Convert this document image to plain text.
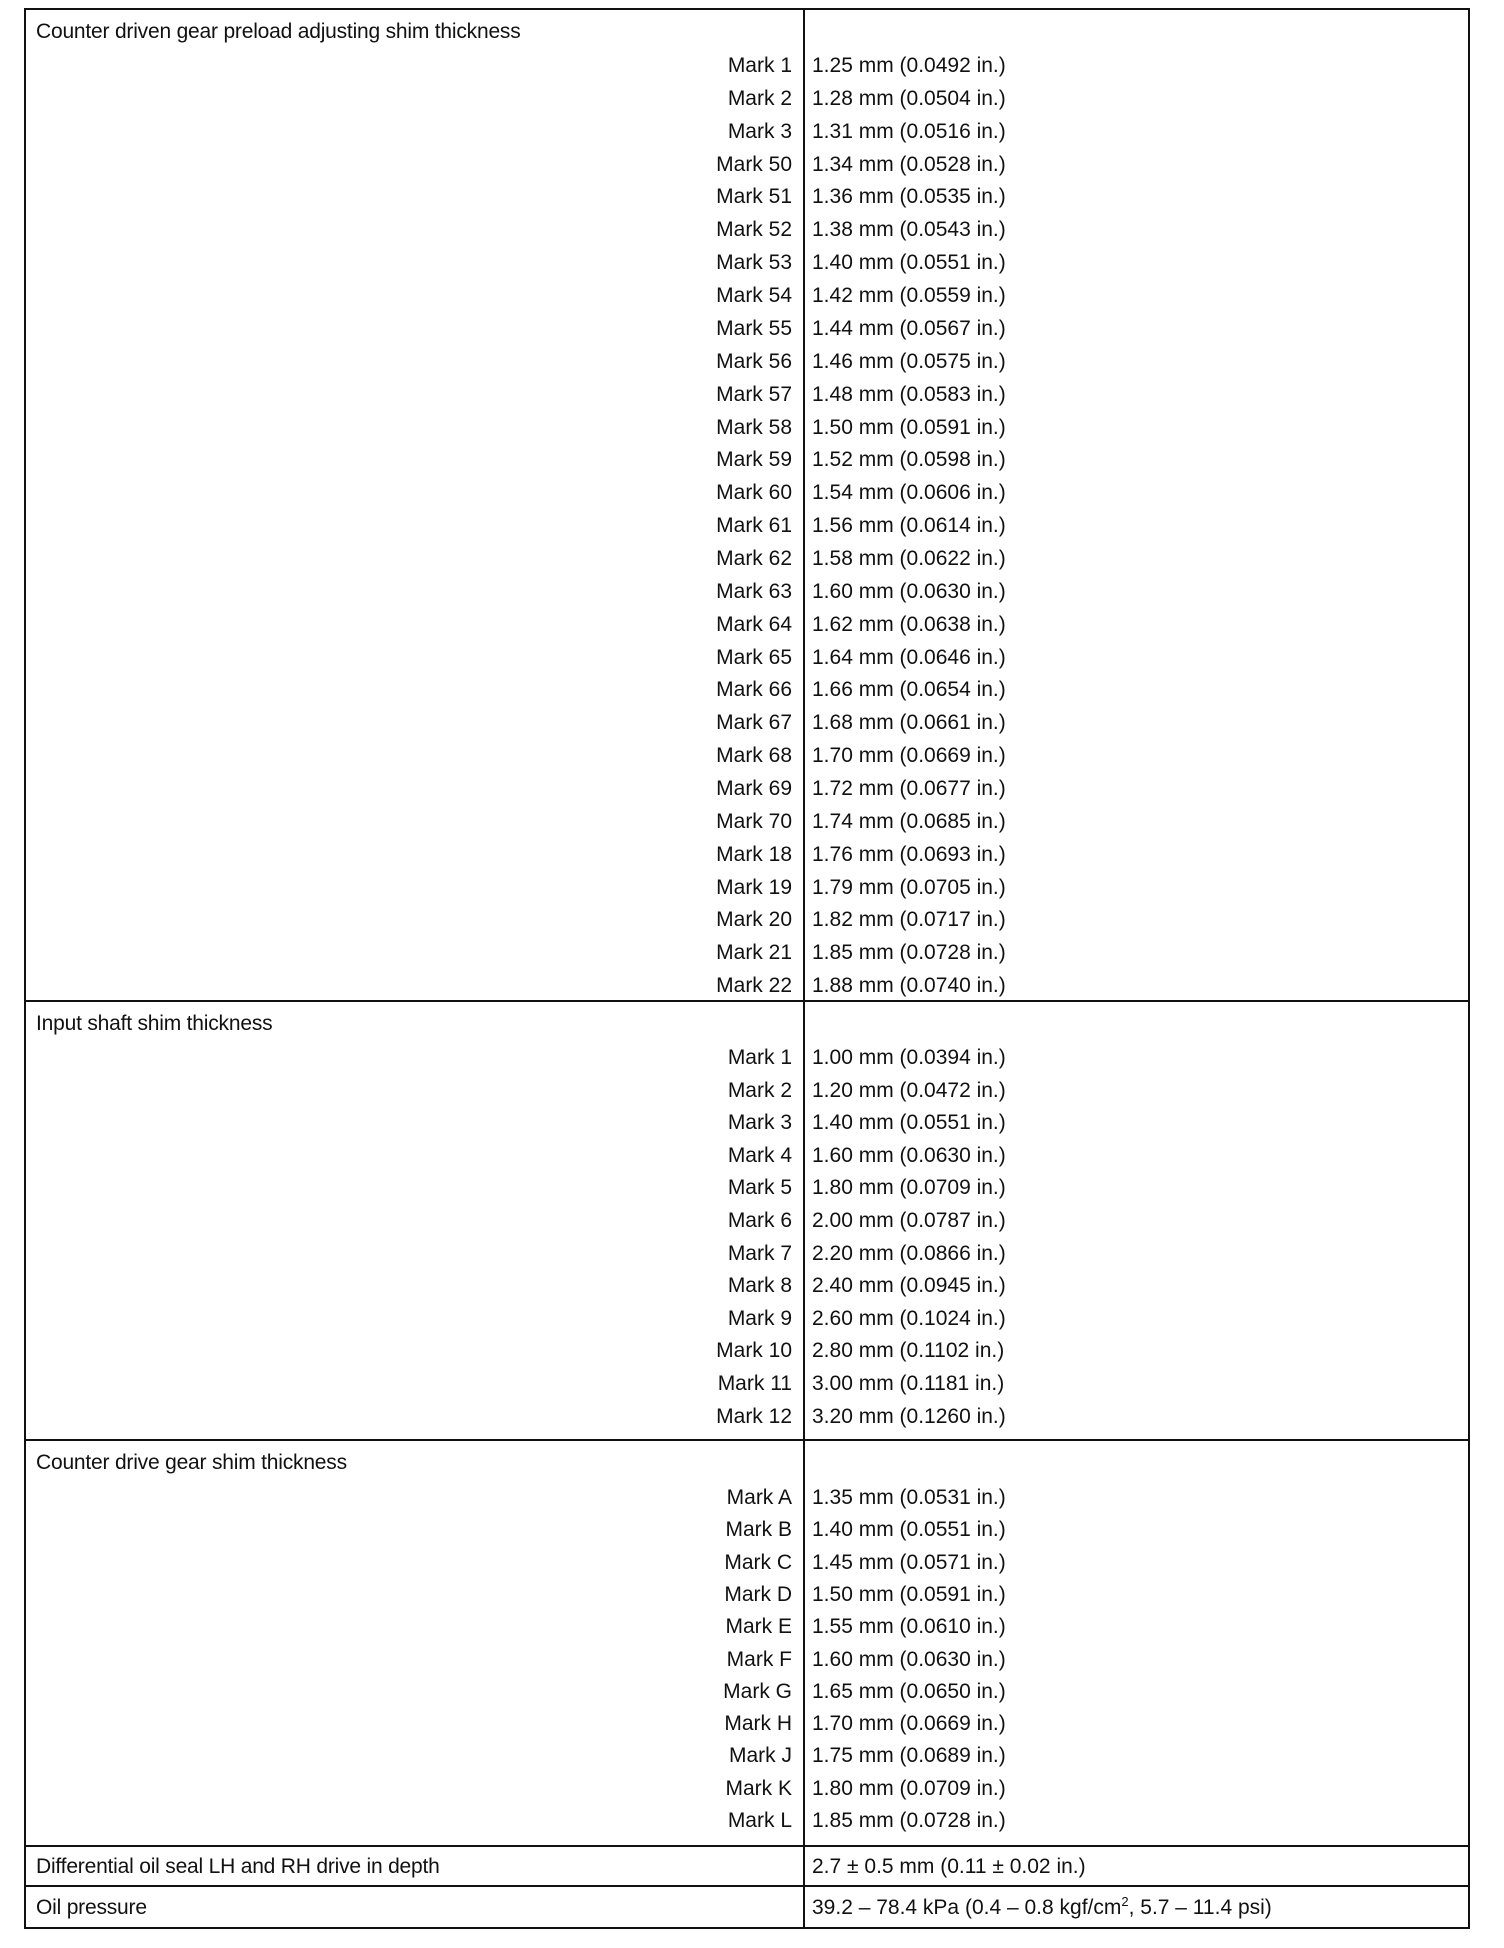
Counter driven gear preload adjusting shim thickness
Mark 1
Mark 2
Mark 3
Mark 50
Mark 51
Mark 52
Mark 53
Mark 54
Mark 55
Mark 56
Mark 57
Mark 58
Mark 59
Mark 60
Mark 61
Mark 62
Mark 63
Mark 64
Mark 65
Mark 66
Mark 67
Mark 68
Mark 69
Mark 70
Mark 18
Mark 19
Mark 20
Mark 21
Mark 22
1.25 mm (0.0492 in.)
1.28 mm (0.0504 in.)
1.31 mm (0.0516 in.)
1.34 mm (0.0528 in.)
1.36 mm (0.0535 in.)
1.38 mm (0.0543 in.)
1.40 mm (0.0551 in.)
1.42 mm (0.0559 in.)
1.44 mm (0.0567 in.)
1.46 mm (0.0575 in.)
1.48 mm (0.0583 in.)
1.50 mm (0.0591 in.)
1.52 mm (0.0598 in.)
1.54 mm (0.0606 in.)
1.56 mm (0.0614 in.)
1.58 mm (0.0622 in.)
1.60 mm (0.0630 in.)
1.62 mm (0.0638 in.)
1.64 mm (0.0646 in.)
1.66 mm (0.0654 in.)
1.68 mm (0.0661 in.)
1.70 mm (0.0669 in.)
1.72 mm (0.0677 in.)
1.74 mm (0.0685 in.)
1.76 mm (0.0693 in.)
1.79 mm (0.0705 in.)
1.82 mm (0.0717 in.)
1.85 mm (0.0728 in.)
1.88 mm (0.0740 in.)
Input shaft shim thickness
Mark 1
Mark 2
Mark 3
Mark 4
Mark 5
Mark 6
Mark 7
Mark 8
Mark 9
Mark 10
Mark 11
Mark 12
1.00 mm (0.0394 in.)
1.20 mm (0.0472 in.)
1.40 mm (0.0551 in.)
1.60 mm (0.0630 in.)
1.80 mm (0.0709 in.)
2.00 mm (0.0787 in.)
2.20 mm (0.0866 in.)
2.40 mm (0.0945 in.)
2.60 mm (0.1024 in.)
2.80 mm (0.1102 in.)
3.00 mm (0.1181 in.)
3.20 mm (0.1260 in.)
Counter drive gear shim thickness
Mark A
Mark B
Mark C
Mark D
Mark E
Mark F
Mark G
Mark H
Mark J
Mark K
Mark L
1.35 mm (0.0531 in.)
1.40 mm (0.0551 in.)
1.45 mm (0.0571 in.)
1.50 mm (0.0591 in.)
1.55 mm (0.0610 in.)
1.60 mm (0.0630 in.)
1.65 mm (0.0650 in.)
1.70 mm (0.0669 in.)
1.75 mm (0.0689 in.)
1.80 mm (0.0709 in.)
1.85 mm (0.0728 in.)
Differential oil seal LH and RH drive in depth	2.7 ± 0.5 mm (0.11 ± 0.02 in.)
Oil pressure	39.2 – 78.4 kPa (0.4 – 0.8 kgf/$cm^2$, 5.7 – 11.4 psi)
